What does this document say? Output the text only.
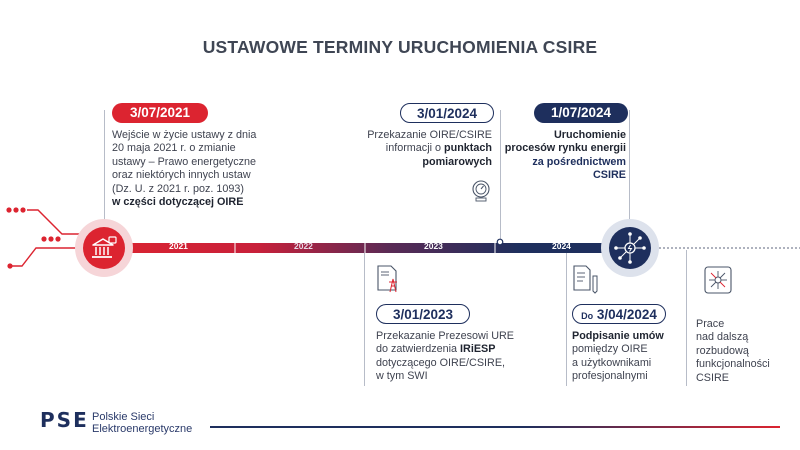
USTAWOWE TERMINY URUCHOMIENIA CSIRE
2021	2022	2023	2024
3/07/2021
Wejście w życie ustawy z dnia
20 maja 2021 r. o zmianie
ustawy – Prawo energetyczne
oraz niektórych innych ustaw
(Dz. U. z 2021 r. poz. 1093)
w części dotyczącej OIRE
3/01/2024
Przekazanie OIRE/CSIRE
informacji o punktach
pomiarowych
1/07/2024
Uruchomienie
procesów rynku energii
za pośrednictwem
CSIRE
3/01/2023
Przekazanie Prezesowi URE
do zatwierdzenia IRiESP
dotyczącego OIRE/CSIRE,
w tym SWI
Do 3/04/2024
Podpisanie umów
pomiędzy OIRE
a użytkownikami
profesjonalnymi
Prace
nad dalszą
rozbudową
funkcjonalności
CSIRE
PSE Polskie Sieci
Elektroenergetyczne
